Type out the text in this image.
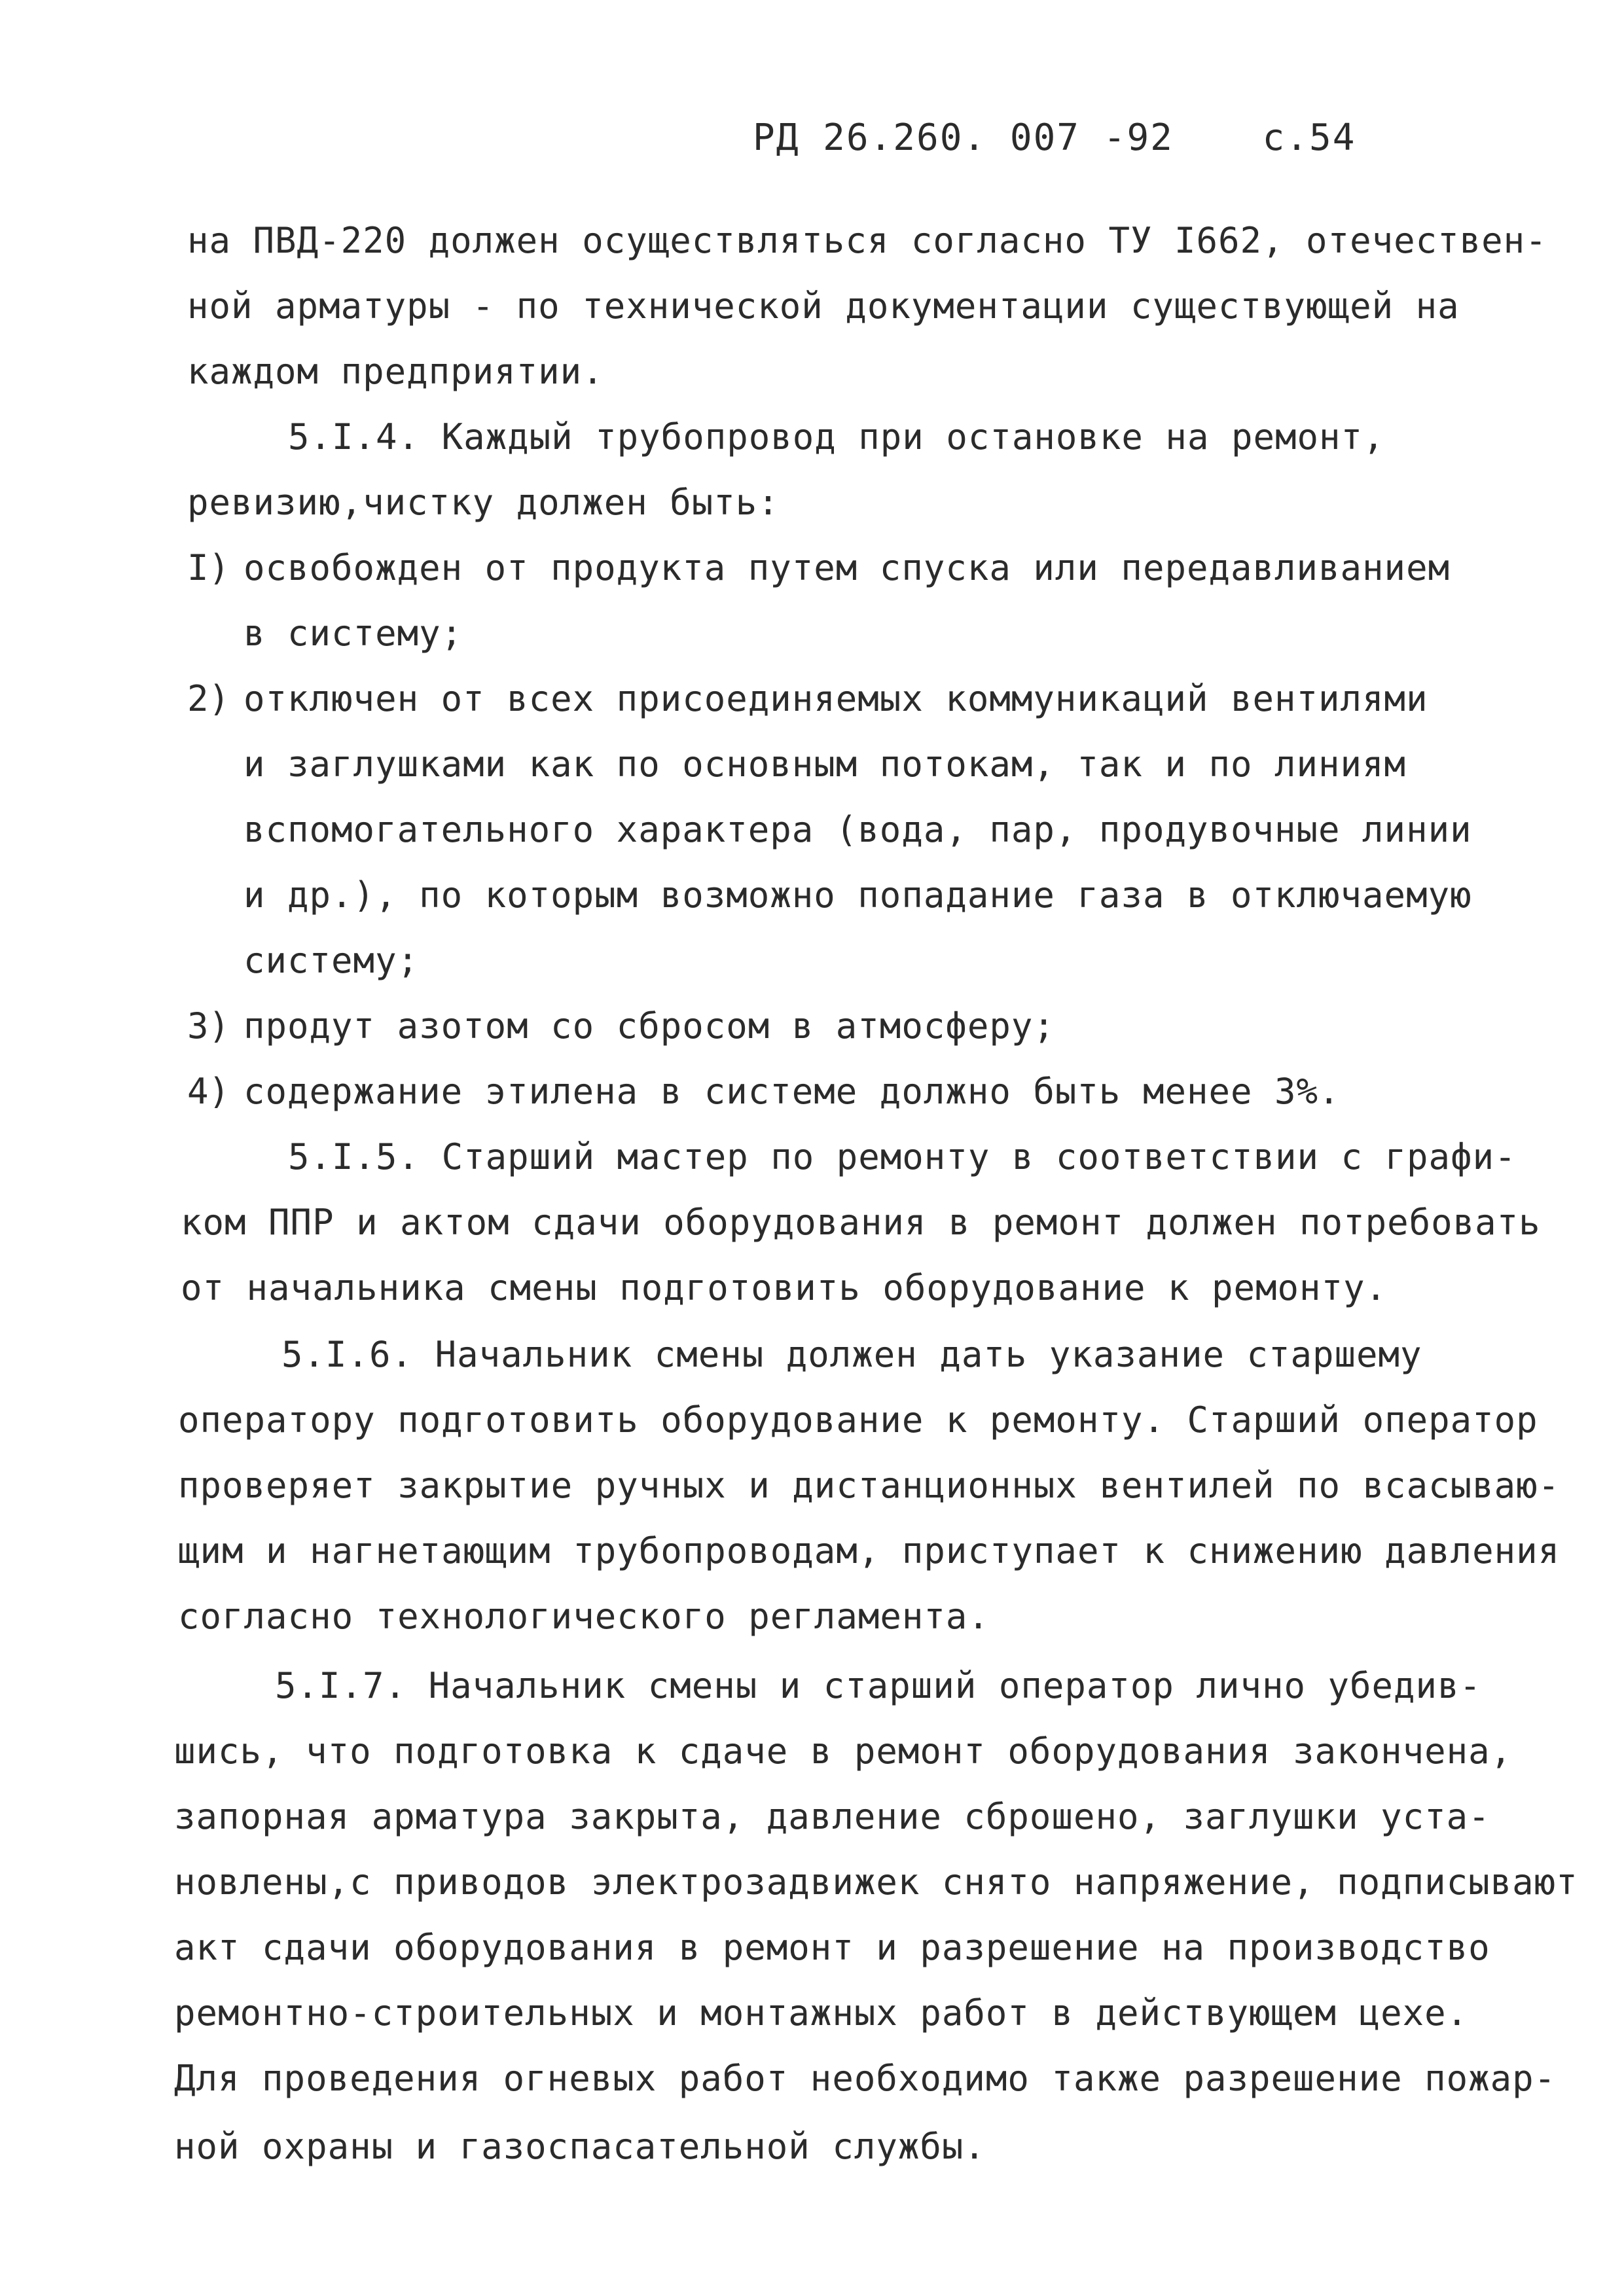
РД 26.260. 007 -92 с.54
на ПВД-220 должен осуществляться согласно ТУ I662, отечествен-
ной арматуры - по технической документации существующей на
каждом предприятии.
5.I.4. Каждый трубопровод при остановке на ремонт,
ревизию,чистку должен быть:
I) освобожден от продукта путем спуска или передавливанием
в систему;
2) отключен от всех присоединяемых коммуникаций вентилями
и заглушками как по основным потокам, так и по линиям
вспомогательного характера (вода, пар, продувочные линии
и др.), по которым возможно попадание газа в отключаемую
систему;
3) продут азотом со сбросом в атмосферу;
4) содержание этилена в системе должно быть менее 3%.
5.I.5. Старший мастер по ремонту в соответствии с графи-
ком ППР и актом сдачи оборудования в ремонт должен потребовать
от начальника смены подготовить оборудование к ремонту.
5.I.6. Начальник смены должен дать указание старшему
оператору подготовить оборудование к ремонту. Старший оператор
проверяет закрытие ручных и дистанционных вентилей по всасываю-
щим и нагнетающим трубопроводам, приступает к снижению давления
согласно технологического регламента.
5.I.7. Начальник смены и старший оператор лично убедив-
шись, что подготовка к сдаче в ремонт оборудования закончена,
запорная арматура закрыта, давление сброшено, заглушки уста-
новлены,с приводов электрозадвижек снято напряжение, подписывают
акт сдачи оборудования в ремонт и разрешение на производство
ремонтно-строительных и монтажных работ в действующем цехе.
Для проведения огневых работ необходимо также разрешение пожар-
ной охраны и газоспасательной службы.
